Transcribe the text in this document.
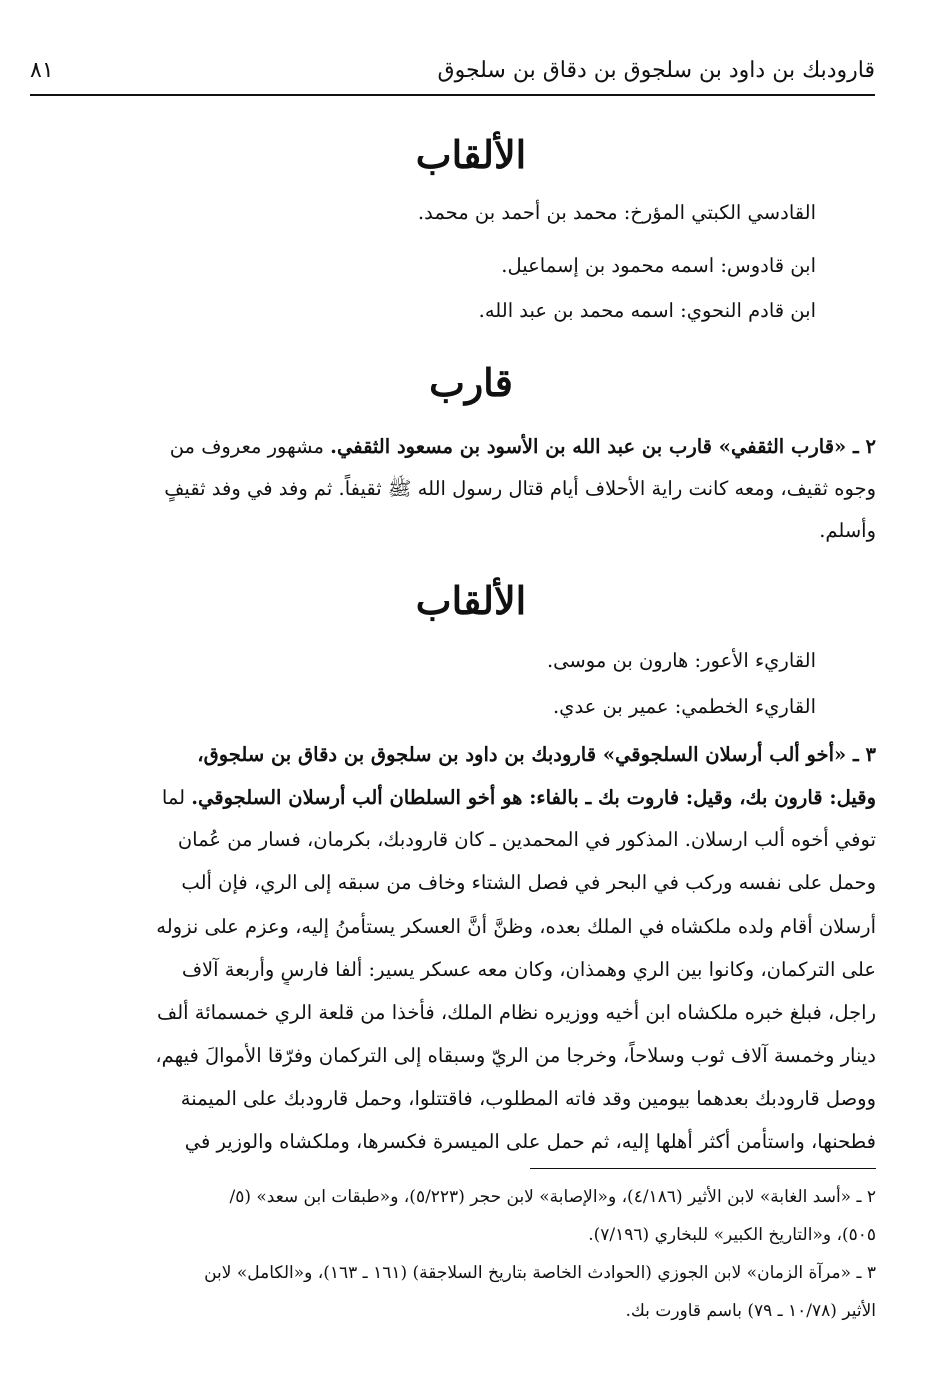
قارودبك بن داود بن سلجوق بن دقاق بن سلجوق
٨١
الألقاب
القادسي الكبتي المؤرخ: محمد بن أحمد بن محمد.
ابن قادوس: اسمه محمود بن إسماعيل.
ابن قادم النحوي: اسمه محمد بن عبد الله.
قارب
٢ ـ «قارب الثقفي» قارب بن عبد الله بن الأسود بن مسعود الثقفي. مشهور معروف من
وجوه ثقيف، ومعه كانت راية الأحلاف أيام قتال رسول الله ﷺ ثقيفاً. ثم وفد في وفد ثقيفٍ
وأسلم.
الألقاب
القاريء الأعور: هارون بن موسى.
القاريء الخطمي: عمير بن عدي.
٣ ـ «أخو ألب أرسلان السلجوقي» قارودبك بن داود بن سلجوق بن دقاق بن سلجوق،
وقيل: قارون بك، وقيل: فاروت بك ـ بالفاء: هو أخو السلطان ألب أرسلان السلجوقي. لما
توفي أخوه ألب ارسلان. المذكور في المحمدين ـ كان قارودبك، بكرمان، فسار من عُمان
وحمل على نفسه وركب في البحر في فصل الشتاء وخاف من سبقه إلى الري، فإن ألب
أرسلان أقام ولده ملكشاه في الملك بعده، وظنَّ أنَّ العسكر يستأمنُ إليه، وعزم على نزوله
على التركمان، وكانوا بين الري وهمذان، وكان معه عسكر يسير: ألفا فارسٍ وأربعة آلاف
راجل، فبلغ خبره ملكشاه ابن أخيه ووزيره نظام الملك، فأخذا من قلعة الري خمسمائة ألف
دينار وخمسة آلاف ثوب وسلاحاً، وخرجا من الريّ وسبقاه إلى التركمان وفرّقا الأموالَ فيهم،
ووصل قارودبك بعدهما بيومين وقد فاته المطلوب، فاقتتلوا، وحمل قارودبك على الميمنة
فطحنها، واستأمن أكثر أهلها إليه، ثم حمل على الميسرة فكسرها، وملكشاه والوزير في
٢ ـ «أسد الغابة» لابن الأثير (٤/١٨٦)، و«الإصابة» لابن حجر (٥/٢٢٣)، و«طبقات ابن سعد» (٥/
٥٠٥)، و«التاريخ الكبير» للبخاري (٧/١٩٦).
٣ ـ «مرآة الزمان» لابن الجوزي (الحوادث الخاصة بتاريخ السلاجقة) (١٦١ ـ ١٦٣)، و«الكامل» لابن
الأثير (١٠/٧٨ ـ ٧٩) باسم قاورت بك.
